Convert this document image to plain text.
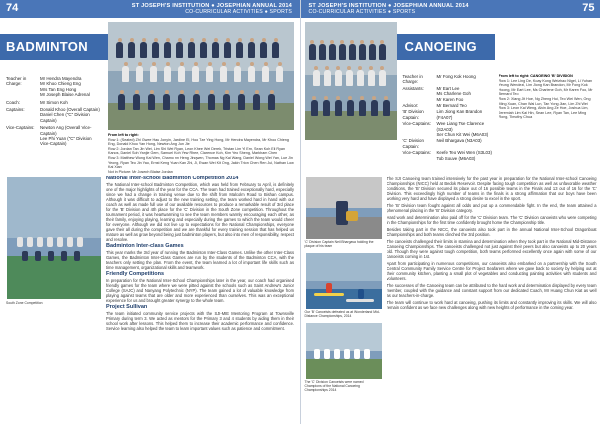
74	ST JOSEPH'S INSTITUTION ● JOSEPHIAN ANNUAL 2014
CO-CURRICULAR ACTIVITIES ● SPORTS
BADMINTON
Teacher in Charge:
Mr Hendra Mayendra
Mr Khoo Chieng Eng
Mrs Tan Eng Hong
Mr Joseph Blaise Adrenal
Coach:	Mr Simon Koh
Captains:	Donald Khoo (Overall Captain)
Daniel Chen ("C" Division Captain)
Vice-Captains:	Newton Ang (Overall Vice-Captain)
Lee Phi Yuan ("C" Division Vice-Captain)
From left to right:
Row 1: (Seated) Zhi Gwee Hau Jonyin, Jardine Ei, Hoo Tze Ying Hong, Mr Hendra Mayendra, Mr Khoo Chieng Eng, Donald Khoo Yan Hong, Newton Ang Jun Jie
Row 2: Jordan Tan Jin Wei, Lim Shi Wei Ryan, Leon Khee Wei Derek, Tristan Lim Yi Ern, Sean Koh Eli Ryan Kanos, Daniel Soh Yanjie Gem, Samuel Koh Yew Rhee, Clarence Koh, Kim Yeo Sheng, Markham Chen
Row 3: Matthew Wong Kai Wen, Chamo nn Heng Jinqwen, Thomas Ng Kai Wang, Daniel Wong Wei Yan, Lue Jin Yeong, Ryan Teo Jin Yao, Ernst Keng Yuan Kan Zhi, Ji, Ewan Wei Kit Ong, Jakin Trion Chen Ren Jui, Nathan Low Kai Xian
Not in Picture: Mr Joseph Blaise Jordan
South Zone Competition
National Inter-school Badminton Competition 2014

The National Inter-school Badminton Competition, which was held from February to April, is definitely one of the major highlights of the year for the CCA. The team had trained exceptionally hard, especially since we had a change in training venue due to the shift from Malcolm Road to Bishan campus. Although it was difficult to adjust to the new training setting, the team worked hard in hand with our coach as well as made full use of our available resources to produce a remarkable result of 3rd place for the 'B' Division and 4th place for the 'C' Division in the South Zone competition. Throughout the tournament period, it was heartwarming to see the team members warmly encouraging each other, as their family, enjoying playing, learning and especially during the games to which the team would cheer for everyone. Although we did not live up to expectations for the National Championships, everyone gave their all during the competition and we are thankful for every training session that has helped us mature as well as grow beyond being just badminton players, but also into men of responsibility, respect and resolve.

Badminton Inter-class Games

This year marks the 3rd year of running the Badminton Inter-Class Games. Unlike the other Inter-Class Games, the Badminton Inter-Class Games are run by the students of the Badminton CCA, with the teachers only setting the plan. From the event, the team learned a lot of important life skills such as time management, organizational skills and teamwork.

Friendly Competitions

In preparation for the National Inter-School Championships later in the year, our coach had organised friendly games for the team where we were pitted against the schools such as Saint Andrew's Junior College (SAJC) and Nanyang Polytechnic (NYP). The team gained a lot of valuable knowledge from playing against teams that are older and more experienced than ourselves. This was an exceptional experience for us and brought greater synergy to the whole team.

Project Sullivan

The team initiated community service projects with the SJI-MIE Mentoring Program at Townsville Primary during term 3. We acted as mentors for the Primary 3 and 4 students by aiding them in their school work after lessons. This helped them to increase their academic performance and confidence. Service learning also helped the team to learn important values such as patience and commitment.

ST JOSEPH'S INSTITUTION ● JOSEPHIAN ANNUAL 2014
CO-CURRICULAR ACTIVITIES ● SPORTS	75
CANOEING
Teacher in Charge:
Mr Fong Kok Hoong
Assistants:	Mr Eart Lee
Ms Charlene Goh
Mr Karen Foo
Advisor:	Mr Bernard Teo
'B' Division Captain:
Lim Jiong Kan Brandon (F4A07)
Vice-Captains:	Wee Liang Tse Clarence (S2A03)
Ser Chun Kit Wei (M6A03)
'C' Division Captain:
Neil Bhargava (N3A03)
Vice-Captains:	Keefe Teo Wei Wen (S3L03)
Tob Souve (M6A03)
From left to right: CANOEING 'B' DIVISION
Row 1: Lee Ling De, Koay Kong Weizhao Nigel, Li Yuhan Yeung Wendezi, Lim Jiong Kan Brandon, Mr Fong Kok Hoong, Mr Eart Lee, Ms Charlene Goh, Mr Karen Foo, Mr Bernard Teo
Row 2: Xiang Jit Hoe, Ng Zheng Hui, Teo Wei Wen, Ong Ming Xuan, Chan Wai Lun, Tan Yong Jian, Lim Zhi Wei
Row 3: Leon Kai Weng, Alvin Ang Ze Hoe, Joshua Lim, Jeremiah Lim Kai Hin, Sean Lee, Ryan Tan, Lee Ming Rong, Timothy Chua
'C' Division Captain Neil Bhargava holding the plaque of his team
Our 'B' Canoeists defeated us at Wonderland Mid-Distance Championships, 2014
The 'C' Division Canoeists were named Champions of the National Canoeing Championships 2014

The SJI Canoeing team trained intensively for the past year in preparation for the National Inter-school Canoeing Championships (NICC) held at Bedok Reservoir. Despite facing tough competition as well as unfavorable weather conditions, the 'B' Division secured its place out of 16 possible teams in the Finals and 13 out of 16 for the 'C' Division. This exceedingly high number of teams in the finals is a strong affirmation that our boys have been working very hard and have displayed a strong desire to excel in the sport.

The 'B' Division team fought against all odds and put up a commendable fight. In the end, the team attained a phenomenal placing in the 'B' Division category.

Hard work and determination also paid off for the 'C' Division team. The 'C' Division canoeists who were competing in the Championships for the first time confidently brought home the Championship title.

Besides taking part in the NICC, the canoeists also took part in the annual National Inter-School Dragonboat Championships and both teams clinched the 3rd position.

The canoeists challenged their limits in stamina and determination when they took part in the National Mid-Distance Canoeing Championships. The canoeists challenged not just against their peers but also canoeists up to 20 years old. Though they were against tough competition, both teams performed excellently once again with some of our canoeists coming in 1st.

Apart from participating in numerous competitions, our canoeists also embarked on a partnership with the South Central Community Family Service Centre for Project Seafarers where we gave back to society by helping out at their community kitchen, planting a small plot of vegetables and conducting painting activities with students and volunteers.

The successes of the Canoeing team can be attributed to the hard work and determination displayed by every team member, coupled with the guidance and constant support from our dedicated Coach, Mr Huang Chun Kiat as well as our teachers-in-charge.

The team will continue to work hard at canoeing, pushing its limits and constantly improving its skills. We will also remain confident as we face new challenges along with new heights of performance in the coming year.
